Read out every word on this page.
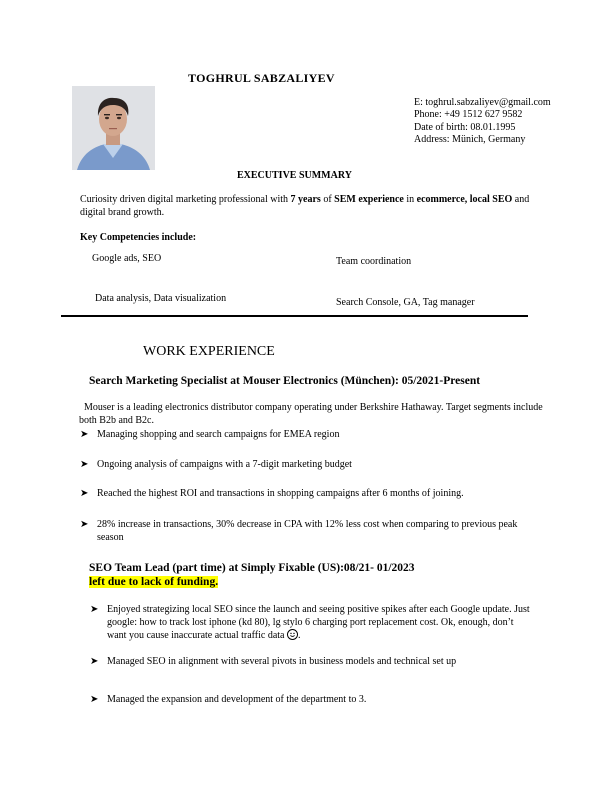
TOGHRUL SABZALIYEV
E: toghrul.sabzaliyev@gmail.com
Phone: +49 1512 627 9582
Date of birth: 08.01.1995
Address: Münich, Germany
EXECUTIVE SUMMARY
Curiosity driven digital marketing professional with 7 years of SEM experience in ecommerce, local SEO and digital brand growth.
Key Competencies include:
Google ads, SEO	Team coordination
Data analysis, Data visualization	Search Console, GA, Tag manager
WORK EXPERIENCE
Search Marketing Specialist at Mouser Electronics (München): 05/2021-Present
Mouser is a leading electronics distributor company operating under Berkshire Hathaway. Target segments include both B2b and B2c.
➤ Managing shopping and search campaigns for EMEA region
➤ Ongoing analysis of campaigns with a 7-digit marketing budget
➤ Reached the highest ROI and transactions in shopping campaigns after 6 months of joining.
➤ 28% increase in transactions, 30% decrease in CPA with 12% less cost when comparing to previous peak season
SEO Team Lead (part time) at Simply Fixable (US):08/21- 01/2023
left due to lack of funding.
➤ Enjoyed strategizing local SEO since the launch and seeing positive spikes after each Google update. Just google: how to track lost iphone (kd 80), lg stylo 6 charging port replacement cost. Ok, enough, don’t want you cause inaccurate actual traffic data .
➤ Managed SEO in alignment with several pivots in business models and technical set up
➤ Managed the expansion and development of the department to 3.
